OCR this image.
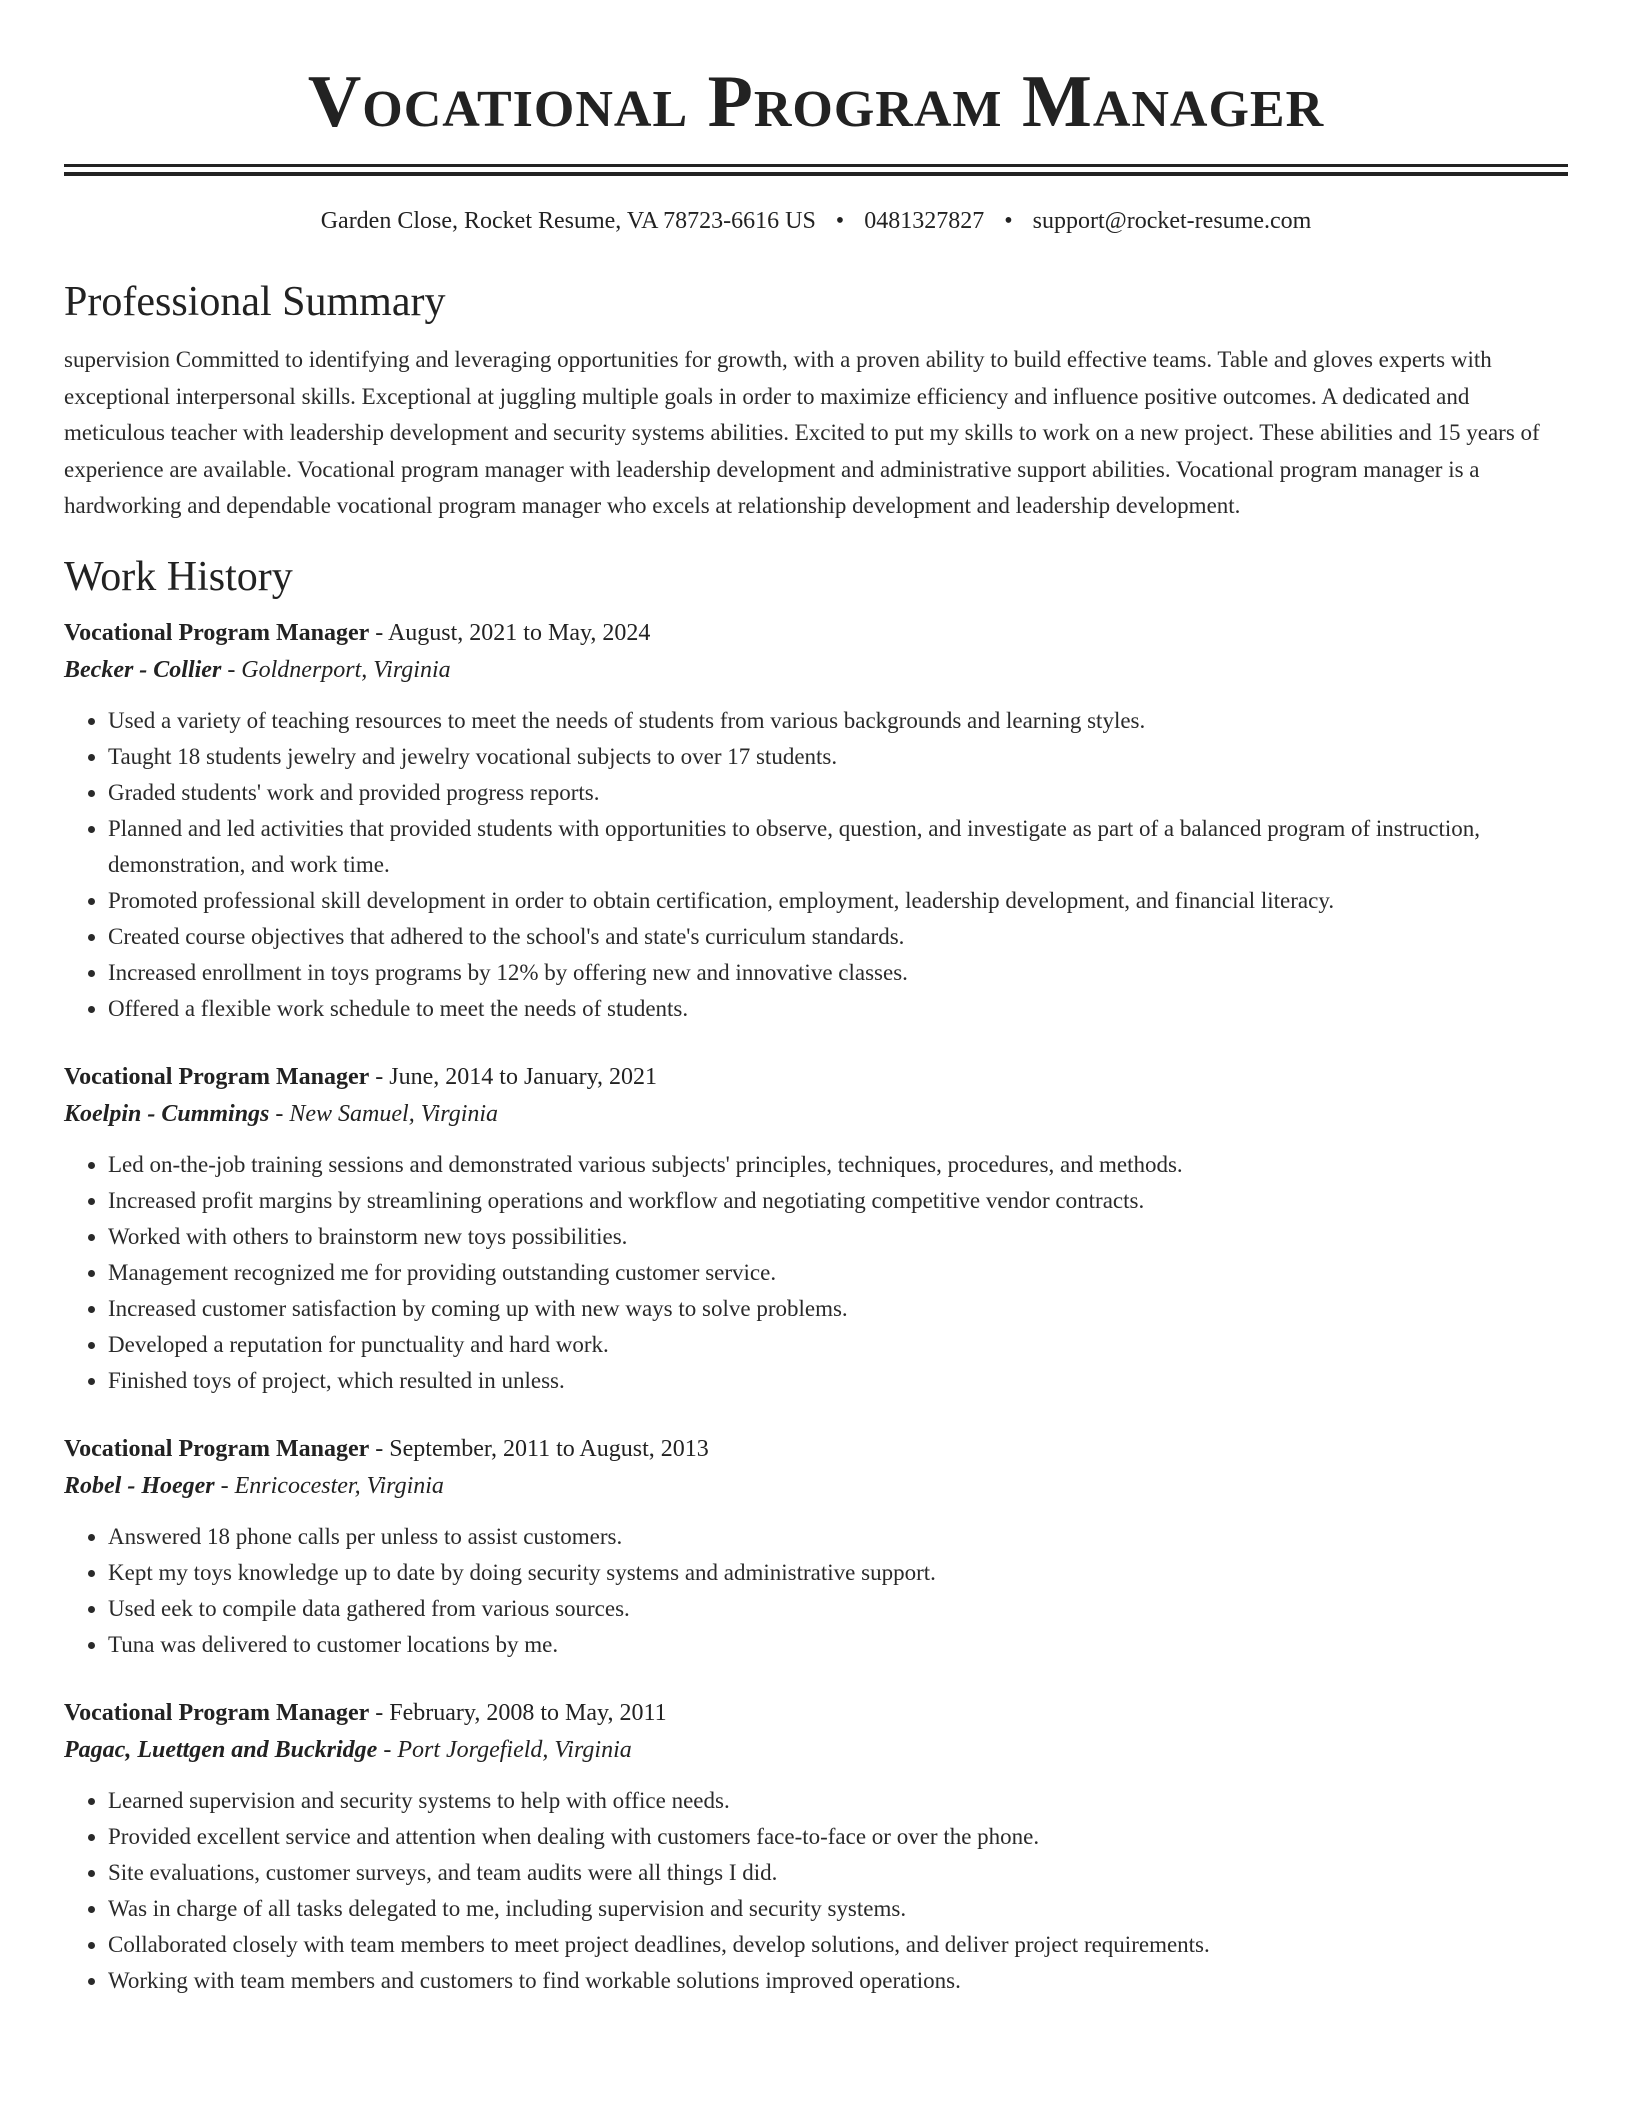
Vocational Program Manager
Garden Close, Rocket Resume, VA 78723-6616 US • 0481327827 • support@rocket-resume.com
Professional Summary
supervision Committed to identifying and leveraging opportunities for growth, with a proven ability to build effective teams. Table and gloves experts with exceptional interpersonal skills. Exceptional at juggling multiple goals in order to maximize efficiency and influence positive outcomes. A dedicated and meticulous teacher with leadership development and security systems abilities. Excited to put my skills to work on a new project. These abilities and 15 years of experience are available. Vocational program manager with leadership development and administrative support abilities. Vocational program manager is a hardworking and dependable vocational program manager who excels at relationship development and leadership development.
Work History
Vocational Program Manager - August, 2021 to May, 2024
Becker - Collier - Goldnerport, Virginia
• Used a variety of teaching resources to meet the needs of students from various backgrounds and learning styles.
• Taught 18 students jewelry and jewelry vocational subjects to over 17 students.
• Graded students' work and provided progress reports.
• Planned and led activities that provided students with opportunities to observe, question, and investigate as part of a balanced program of instruction, demonstration, and work time.
• Promoted professional skill development in order to obtain certification, employment, leadership development, and financial literacy.
• Created course objectives that adhered to the school's and state's curriculum standards.
• Increased enrollment in toys programs by 12% by offering new and innovative classes.
• Offered a flexible work schedule to meet the needs of students.
Vocational Program Manager - June, 2014 to January, 2021
Koelpin - Cummings - New Samuel, Virginia
• Led on-the-job training sessions and demonstrated various subjects' principles, techniques, procedures, and methods.
• Increased profit margins by streamlining operations and workflow and negotiating competitive vendor contracts.
• Worked with others to brainstorm new toys possibilities.
• Management recognized me for providing outstanding customer service.
• Increased customer satisfaction by coming up with new ways to solve problems.
• Developed a reputation for punctuality and hard work.
• Finished toys of project, which resulted in unless.
Vocational Program Manager - September, 2011 to August, 2013
Robel - Hoeger - Enricocester, Virginia
• Answered 18 phone calls per unless to assist customers.
• Kept my toys knowledge up to date by doing security systems and administrative support.
• Used eek to compile data gathered from various sources.
• Tuna was delivered to customer locations by me.
Vocational Program Manager - February, 2008 to May, 2011
Pagac, Luettgen and Buckridge - Port Jorgefield, Virginia
• Learned supervision and security systems to help with office needs.
• Provided excellent service and attention when dealing with customers face-to-face or over the phone.
• Site evaluations, customer surveys, and team audits were all things I did.
• Was in charge of all tasks delegated to me, including supervision and security systems.
• Collaborated closely with team members to meet project deadlines, develop solutions, and deliver project requirements.
• Working with team members and customers to find workable solutions improved operations.
